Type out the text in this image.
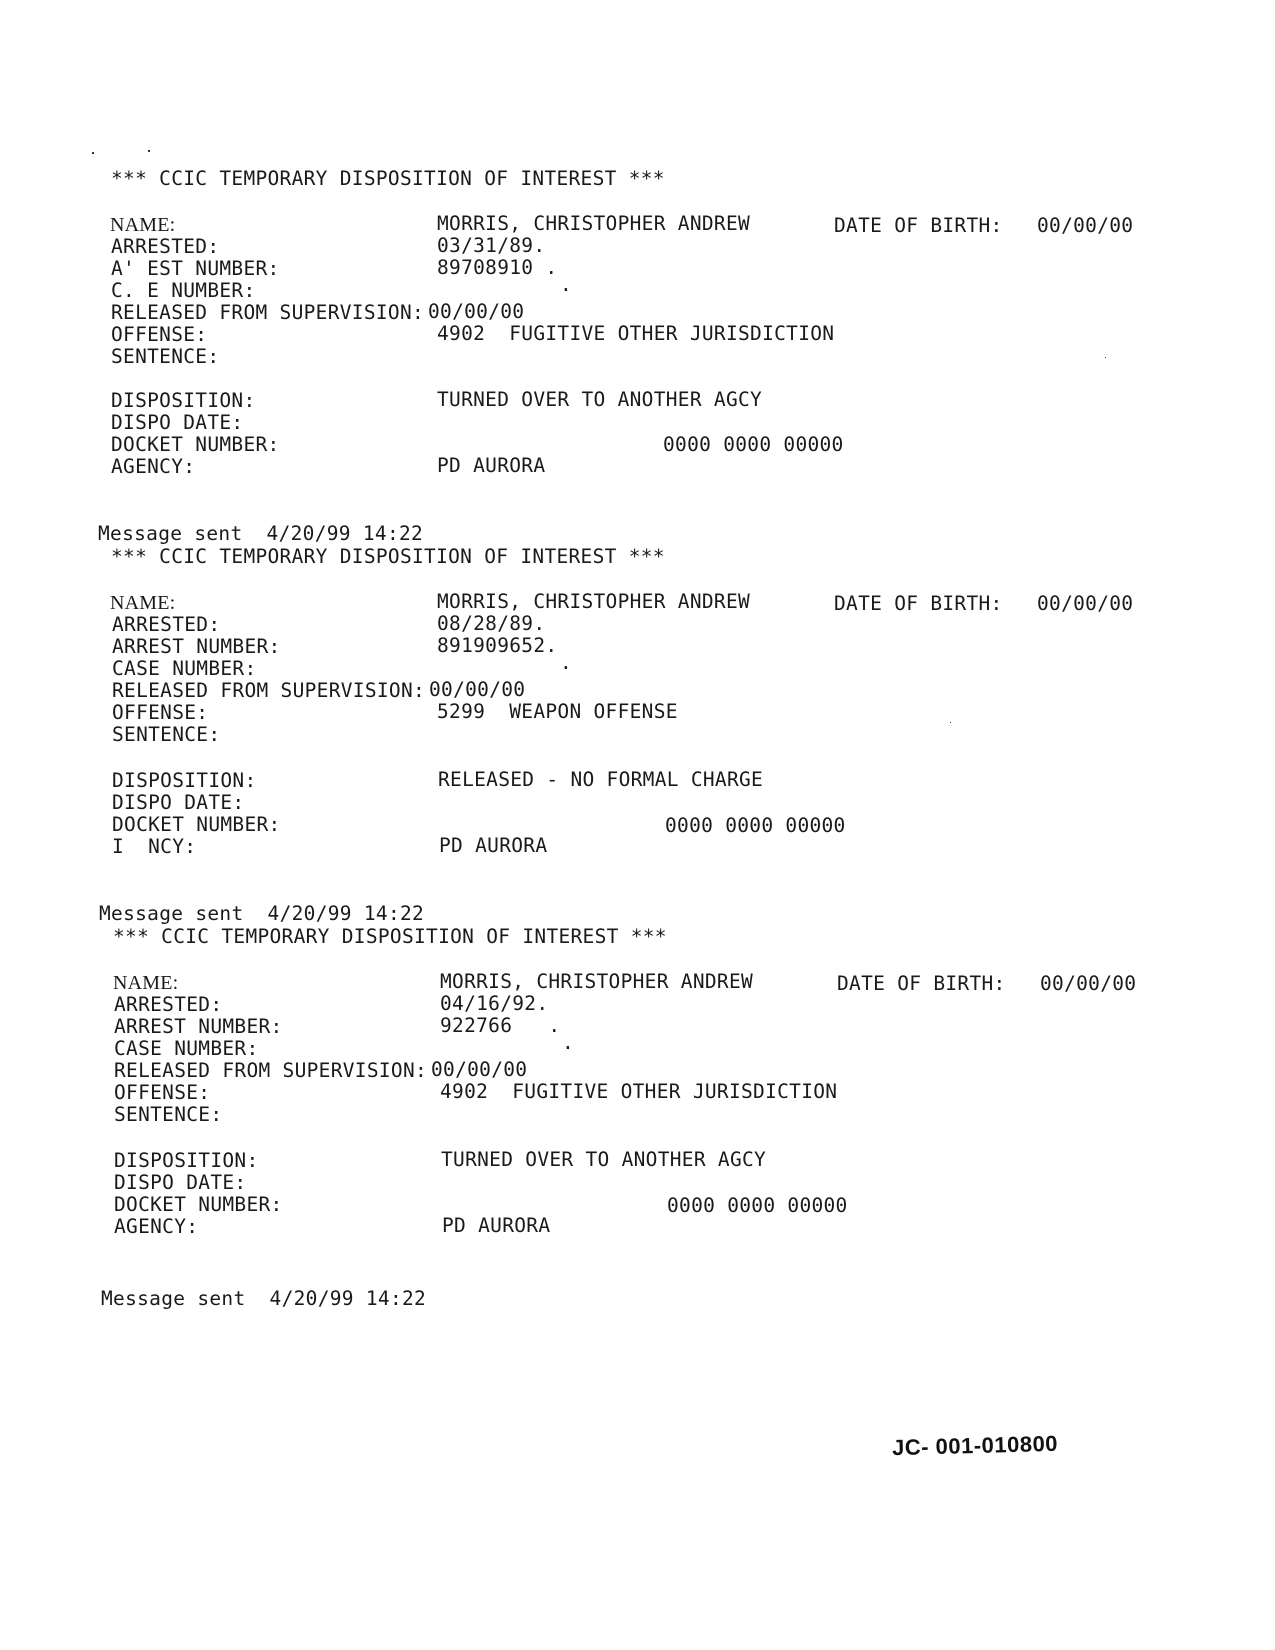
*** CCIC TEMPORARY DISPOSITION OF INTEREST ***
NAME:	MORRIS, CHRISTOPHER ANDREW	DATE OF BIRTH: 00/00/00
ARRESTED:	03/31/89.
A' EST NUMBER:	89708910 .
C. E NUMBER:	.
RELEASED FROM SUPERVISION: 00/00/00
OFFENSE:	4902  FUGITIVE OTHER JURISDICTION
SENTENCE:
DISPOSITION:	TURNED OVER TO ANOTHER AGCY
DISPO DATE:
DOCKET NUMBER:	0000 0000 00000
AGENCY:	PD AURORA
Message sent  4/20/99 14:22
*** CCIC TEMPORARY DISPOSITION OF INTEREST ***
NAME:	MORRIS, CHRISTOPHER ANDREW	DATE OF BIRTH: 00/00/00
ARRESTED:	08/28/89.
ARREST NUMBER:	891909652.
CASE NUMBER:	.
RELEASED FROM SUPERVISION: 00/00/00
OFFENSE:	5299  WEAPON OFFENSE
SENTENCE:
DISPOSITION:	RELEASED - NO FORMAL CHARGE
DISPO DATE:
DOCKET NUMBER:	0000 0000 00000
I  NCY:	PD AURORA
Message sent  4/20/99 14:22
*** CCIC TEMPORARY DISPOSITION OF INTEREST ***
NAME:	MORRIS, CHRISTOPHER ANDREW	DATE OF BIRTH: 00/00/00
ARRESTED:	04/16/92.
ARREST NUMBER:	922766   .
CASE NUMBER:	.
RELEASED FROM SUPERVISION: 00/00/00
OFFENSE:	4902  FUGITIVE OTHER JURISDICTION
SENTENCE:
DISPOSITION:	TURNED OVER TO ANOTHER AGCY
DISPO DATE:
DOCKET NUMBER:	0000 0000 00000
AGENCY:	PD AURORA
Message sent  4/20/99 14:22
JC- 001-010800
